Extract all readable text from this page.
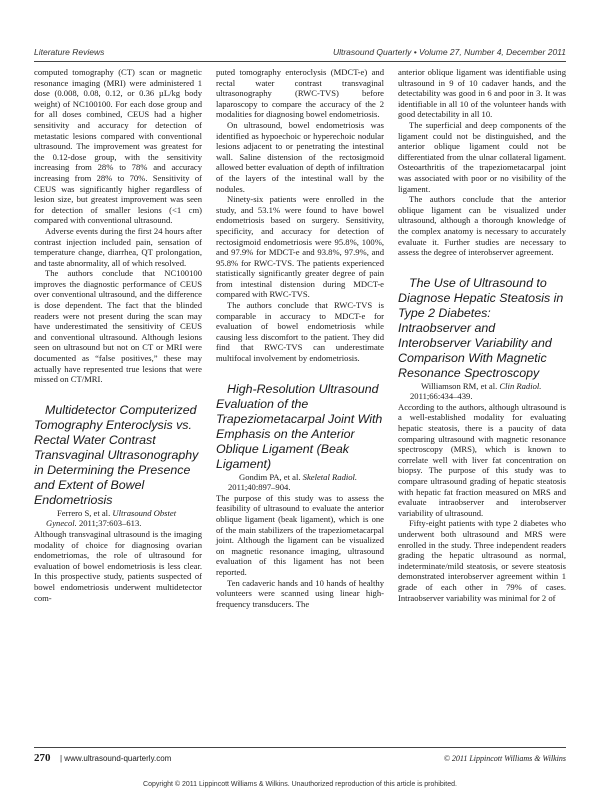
Literature Reviews	Ultrasound Quarterly • Volume 27, Number 4, December 2011

computed tomography (CT) scan or magnetic resonance imaging (MRI) were administered 1 dose (0.008, 0.08, 0.12, or 0.36 µL/kg body weight) of NC100100. For each dose group and for all doses combined, CEUS had a higher sensitivity and accuracy for detection of metastatic lesions compared with conventional ultrasound. The improvement was greatest for the 0.12-dose group, with the sensitivity increasing from 28% to 78% and accuracy increasing from 28% to 70%. Sensitivity of CEUS was significantly higher regardless of lesion size, but greatest improvement was seen for detection of smaller lesions (<1 cm) compared with conventional ultrasound.

Adverse events during the first 24 hours after contrast injection included pain, sensation of temperature change, diarrhea, QT prolongation, and taste abnormality, all of which resolved.

The authors conclude that NC100100 improves the diagnostic performance of CEUS over conventional ultrasound, and the difference is dose dependent. The fact that the blinded readers were not present during the scan may have underestimated the sensitivity of CEUS and conventional ultrasound. Although lesions seen on ultrasound but not on CT or MRI were documented as “false positives,” these may actually have represented true lesions that were missed on CT/MRI.

Multidetector Computerized Tomography Enteroclysis vs. Rectal Water Contrast Transvaginal Ultrasonography in Determining the Presence and Extent of Bowel Endometriosis

Ferrero S, et al. Ultrasound Obstet Gynecol. 2011;37:603–613.

Although transvaginal ultrasound is the imaging modality of choice for diagnosing ovarian endometriomas, the role of ultrasound for evaluation of bowel endometriosis is less clear. In this prospective study, patients suspected of bowel endometriosis underwent multidetector com-

puted tomography enteroclysis (MDCT-e) and rectal water contrast transvaginal ultrasonography (RWC-TVS) before laparoscopy to compare the accuracy of the 2 modalities for diagnosing bowel endometriosis.

On ultrasound, bowel endometriosis was identified as hypoechoic or hyperechoic nodular lesions adjacent to or penetrating the intestinal wall. Saline distension of the rectosigmoid allowed better evaluation of depth of infiltration of the layers of the intestinal wall by the nodules.

Ninety-six patients were enrolled in the study, and 53.1% were found to have bowel endometriosis based on surgery. Sensitivity, specificity, and accuracy for detection of rectosigmoid endometriosis were 95.8%, 100%, and 97.9% for MDCT-e and 93.8%, 97.9%, and 95.8% for RWC-TVS. The patients experienced statistically significantly greater degree of pain from intestinal distension during MDCT-e compared with RWC-TVS.

The authors conclude that RWC-TVS is comparable in accuracy to MDCT-e for evaluation of bowel endometriosis while causing less discomfort to the patient. They did find that RWC-TVS can underestimate multifocal involvement by endometriosis.

High-Resolution Ultrasound Evaluation of the Trapeziometacarpal Joint With Emphasis on the Anterior Oblique Ligament (Beak Ligament)

Gondim PA, et al. Skeletal Radiol. 2011;40:897–904.

The purpose of this study was to assess the feasibility of ultrasound to evaluate the anterior oblique ligament (beak ligament), which is one of the main stabilizers of the trapeziometacarpal joint. Although the ligament can be visualized on magnetic resonance imaging, ultrasound evaluation of this ligament has not been reported.

Ten cadaveric hands and 10 hands of healthy volunteers were scanned using linear high-frequency transducers. The

anterior oblique ligament was identifiable using ultrasound in 9 of 10 cadaver hands, and the detectability was good in 6 and poor in 3. It was identifiable in all 10 of the volunteer hands with good detectability in all 10.

The superficial and deep components of the ligament could not be distinguished, and the anterior oblique ligament could not be differentiated from the ulnar collateral ligament. Osteoarthritis of the trapeziometacarpal joint was associated with poor or no visibility of the ligament.

The authors conclude that the anterior oblique ligament can be visualized under ultrasound, although a thorough knowledge of the complex anatomy is necessary to accurately evaluate it. Further studies are necessary to assess the degree of interobserver agreement.

The Use of Ultrasound to Diagnose Hepatic Steatosis in Type 2 Diabetes: Intraobserver and Interobserver Variability and Comparison With Magnetic Resonance Spectroscopy

Williamson RM, et al. Clin Radiol. 2011;66:434–439.

According to the authors, although ultrasound is a well-established modality for evaluating hepatic steatosis, there is a paucity of data comparing ultrasound with magnetic resonance spectroscopy (MRS), which is known to correlate well with liver fat concentration on biopsy. The purpose of this study was to compare ultrasound grading of hepatic steatosis with hepatic fat fraction measured on MRS and evaluate intraobserver and interobserver variability of ultrasound.

Fifty-eight patients with type 2 diabetes who underwent both ultrasound and MRS were enrolled in the study. Three independent readers grading the hepatic ultrasound as normal, indeterminate/mild steatosis, or severe steatosis demonstrated interobserver agreement within 1 grade of each other in 79% of cases. Intraobserver variability was minimal for 2 of

270 | www.ultrasound-quarterly.com	© 2011 Lippincott Williams & Wilkins
Copyright © 2011 Lippincott Williams & Wilkins. Unauthorized reproduction of this article is prohibited.
